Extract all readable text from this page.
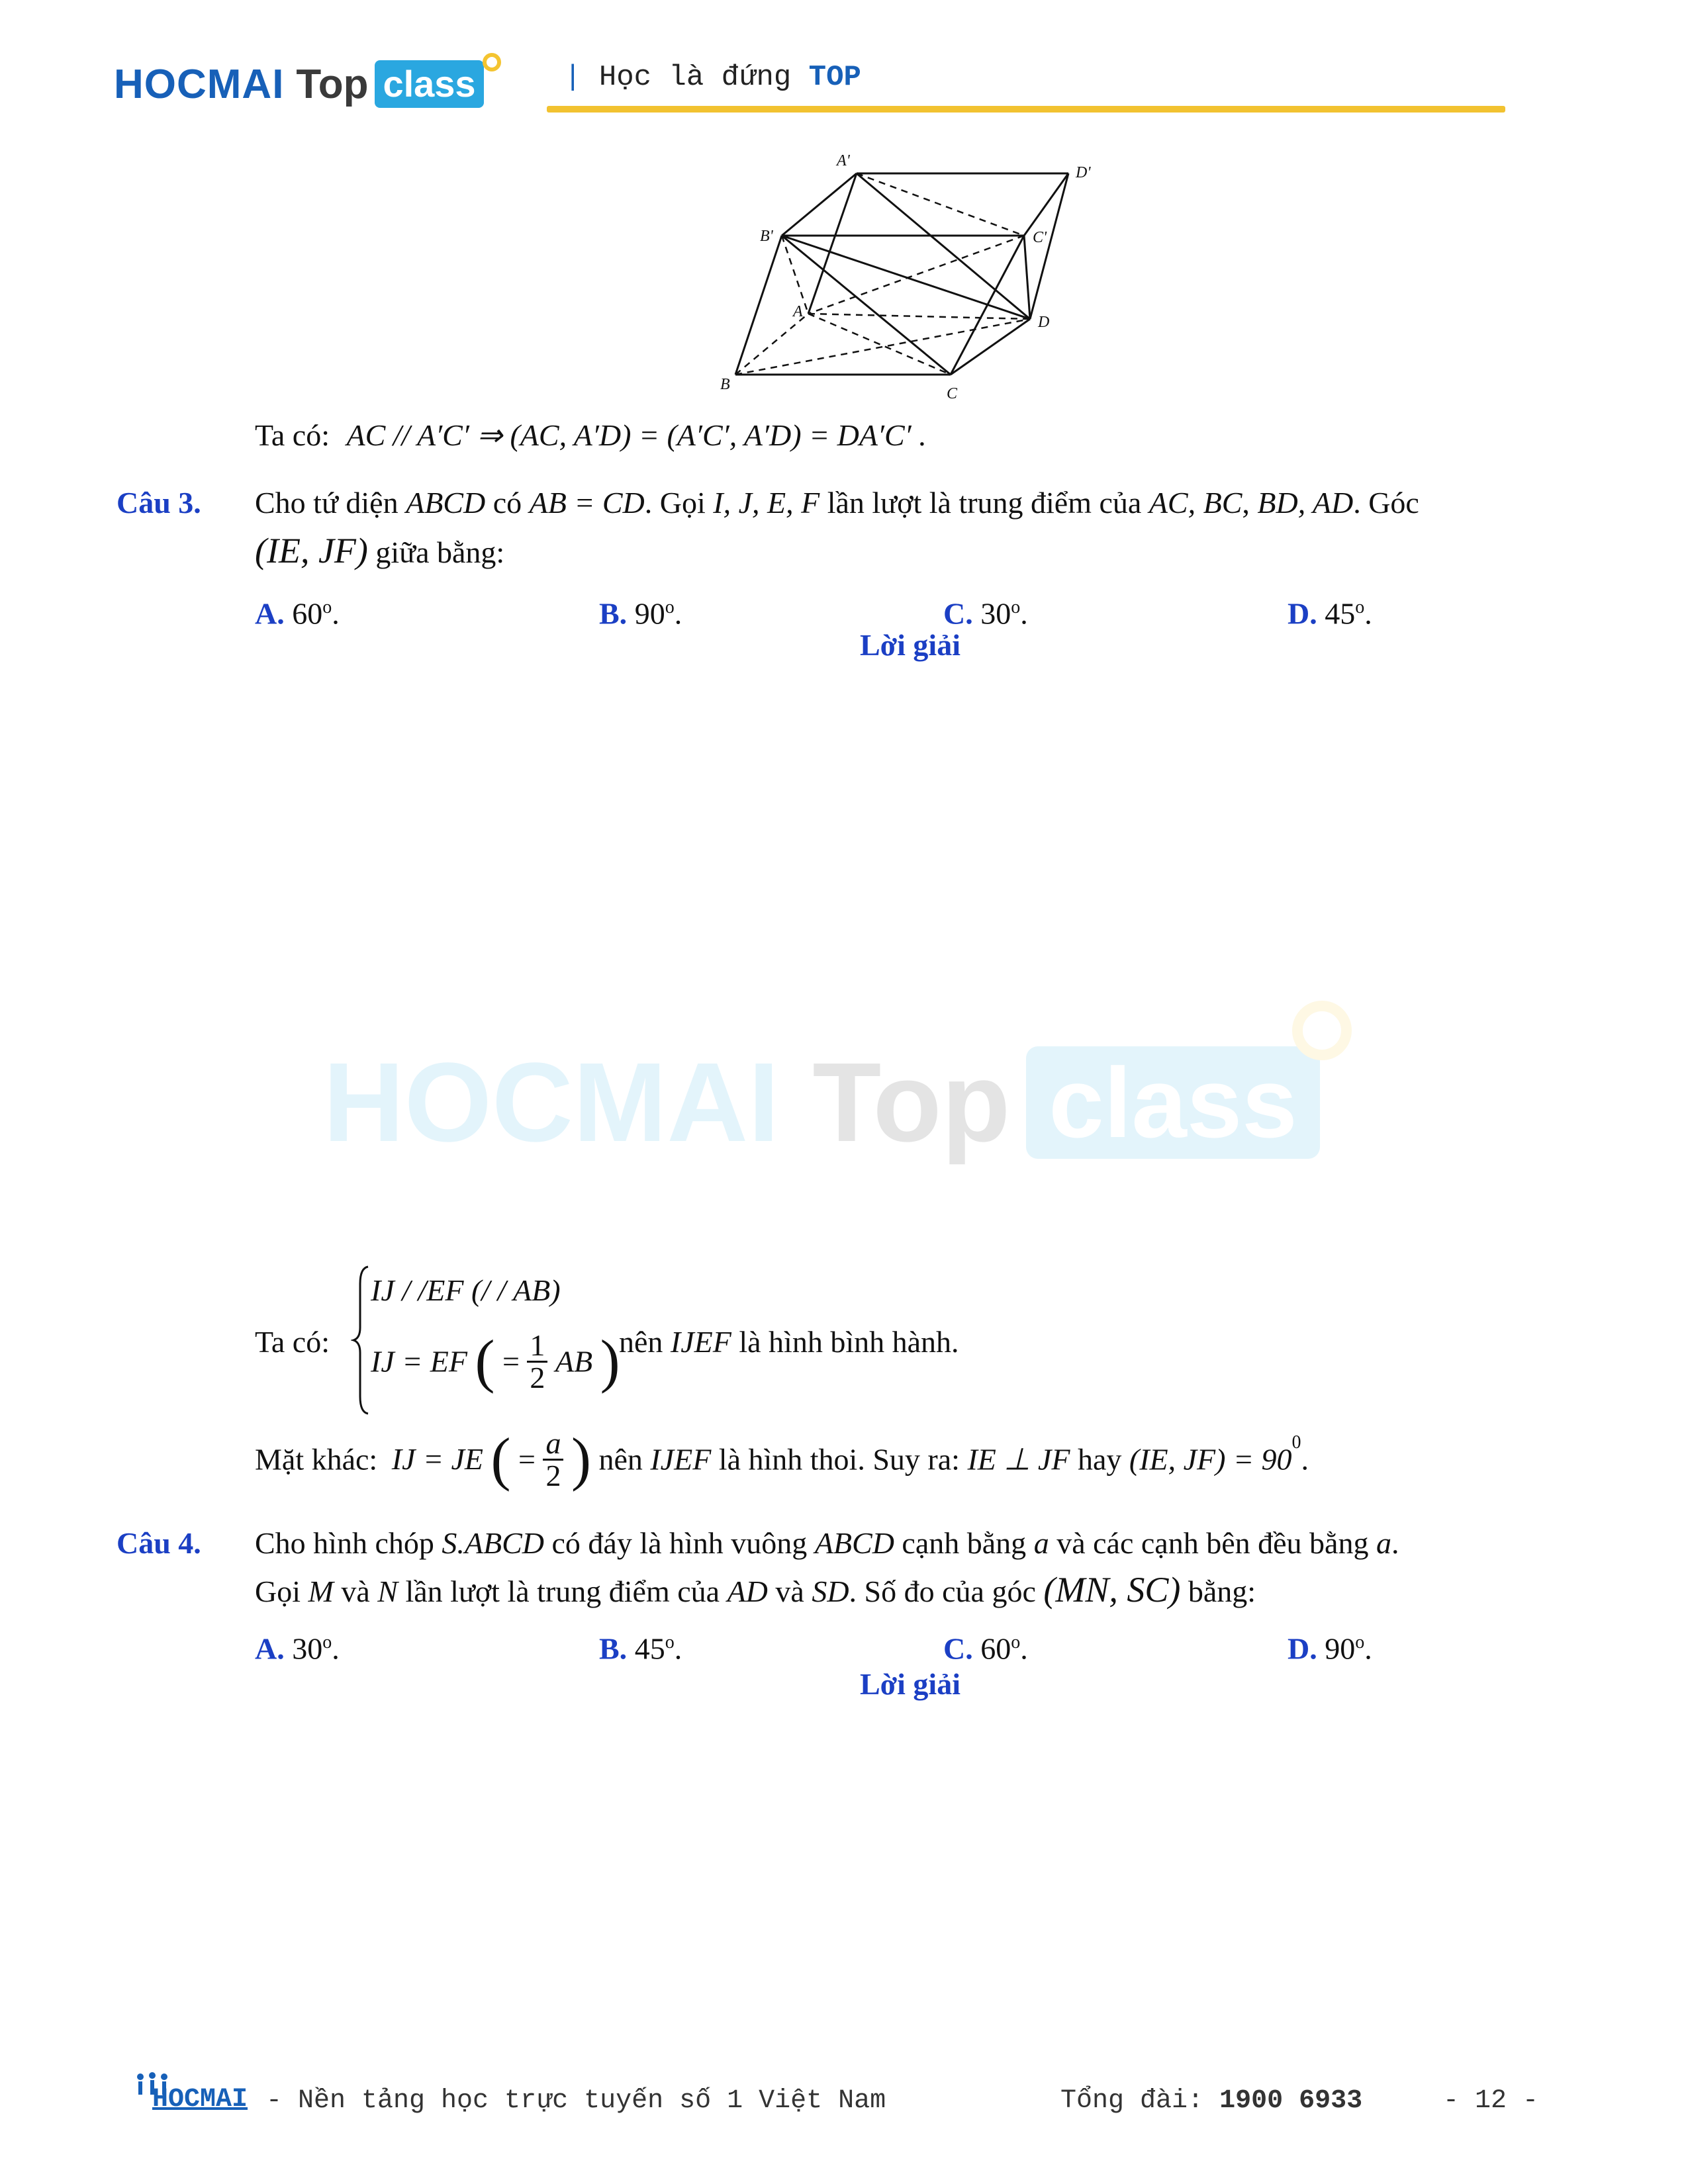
HOCMAI Top class	| Học là đứng TOP
A'
D'
B'	C'
A
D
B
C
Ta có: AC // A′C′ ⇒ (AC, A′D) = (A′C′, A′D) = DA′C′ .
Câu 3. Cho tứ diện ABCD có AB = CD. Gọi I, J, E, F lần lượt là trung điểm của AC, BC, BD, AD. Góc
(IE, JF) giữa bằng:
A. 60$^o$.	B. 90$^o$.	C. 30$^o$.	D. 45$^o$.
Lời giải
HOCMAI Top class
Ta có:
IJ / /EF (/ / AB)
IJ = EF ( = $\frac{1}{2}$ AB )
nên IJEF là hình bình hành.
Mặt khác: IJ = JE ( = $\frac{a}{2}$ ) nên IJEF là hình thoi. Suy ra: IE ⊥ JF hay (IE, $JF) = 90^0$.
Câu 4. Cho hình chóp S.ABCD có đáy là hình vuông ABCD cạnh bằng a và các cạnh bên đều bằng a.
Gọi M và N lần lượt là trung điểm của AD và SD. Số đo của góc (MN, SC) bằng:
A. 30$^o$.	B. 45$^o$.	C. 60$^o$.	D. 90$^o$.
Lời giải
HOCMAI - Nền tảng học trực tuyến số 1 Việt Nam	Tổng đài: 1900 6933	- 12 -
